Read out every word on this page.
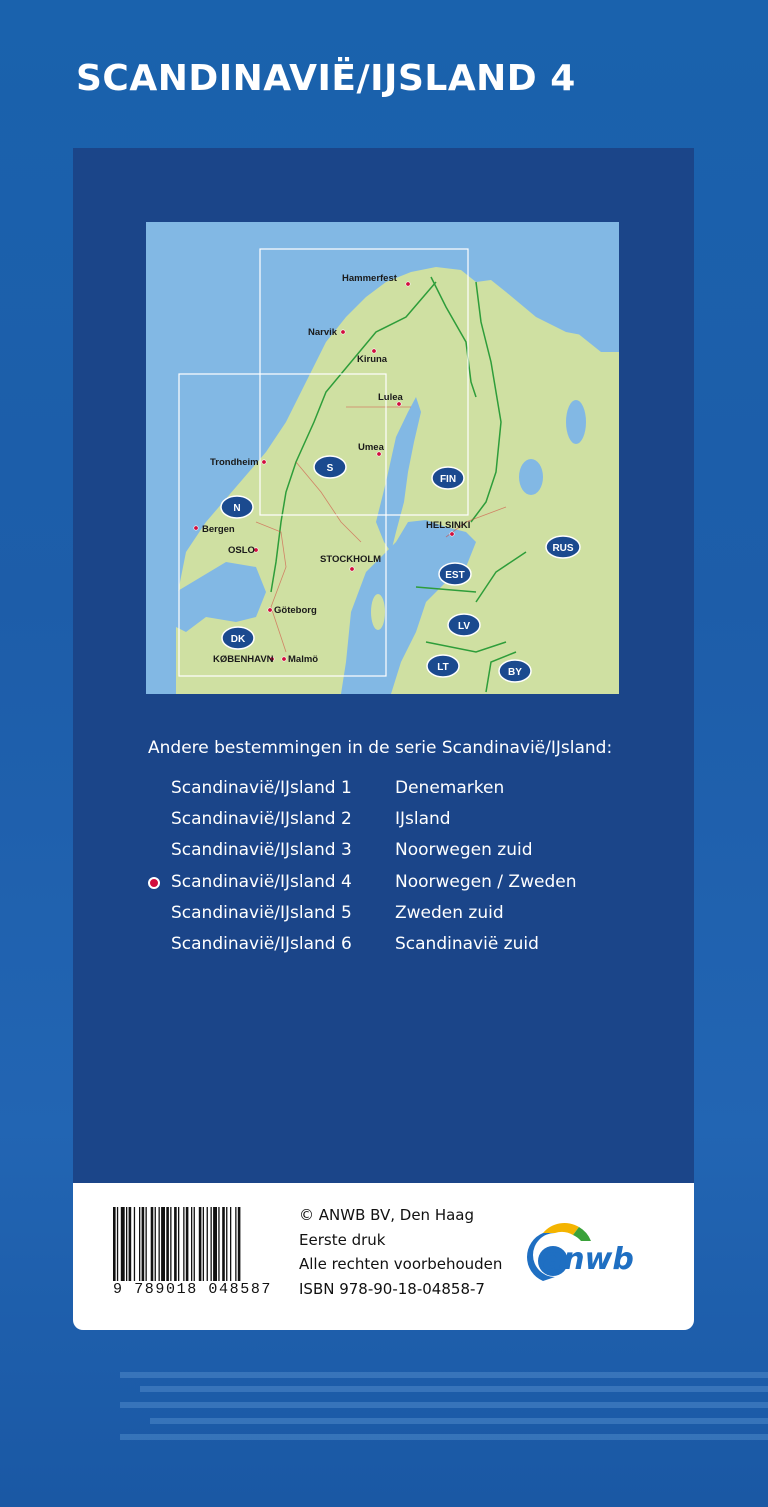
SCANDINAVIË/IJSLAND 4
Hammerfest
Narvik
Kiruna
Lulea
Umea
Trondheim
Bergen
OSLO
STOCKHOLM
HELSINKI
Göteborg
KØBENHAVN Malmö
N
S
FIN
RUS
EST
LV
LT	BY
DK
Andere bestemmingen in de serie Scandinavië/IJsland:
Scandinavië/IJsland 1	Denemarken
Scandinavië/IJsland 2	IJsland
Scandinavië/IJsland 3	Noorwegen zuid
Scandinavië/IJsland 4	Noorwegen / Zweden
Scandinavië/IJsland 5	Zweden zuid
Scandinavië/IJsland 6	Scandinavië zuid
9 789018 048587
© ANWB BV, Den Haag
Eerste druk
Alle rechten voorbehouden
ISBN 978-90-18-04858-7
anwb
